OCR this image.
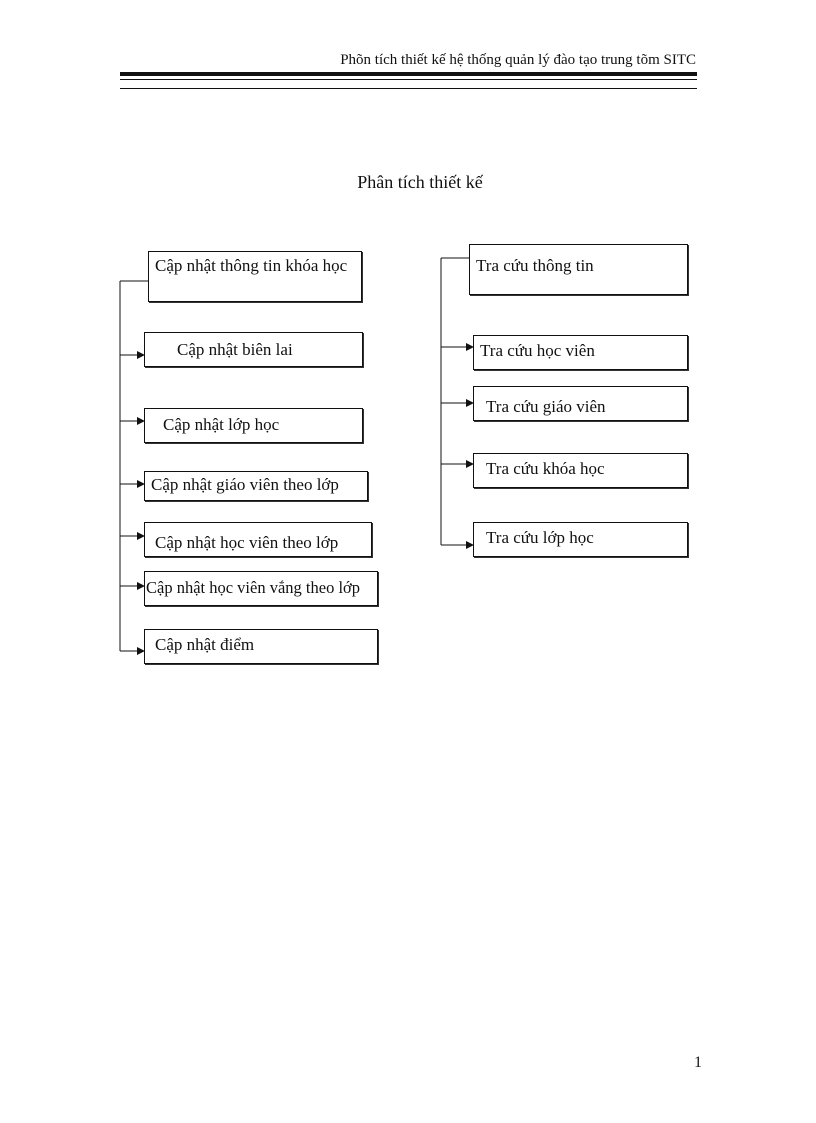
Phõn tích thiết kế hệ thống quản lý đào tạo trung tõm SITC
Phân tích thiết kế
Cập nhật thông tin khóa học
Cập nhật biên lai
Cập nhật lớp học
Cập nhật giáo viên theo lớp
Cập nhật học viên theo lớp
Cập nhật học viên vắng theo lớp
Cập nhật điểm
Tra cứu thông tin
Tra cứu học viên
Tra cứu giáo viên
Tra cứu khóa học
Tra cứu lớp học
1
